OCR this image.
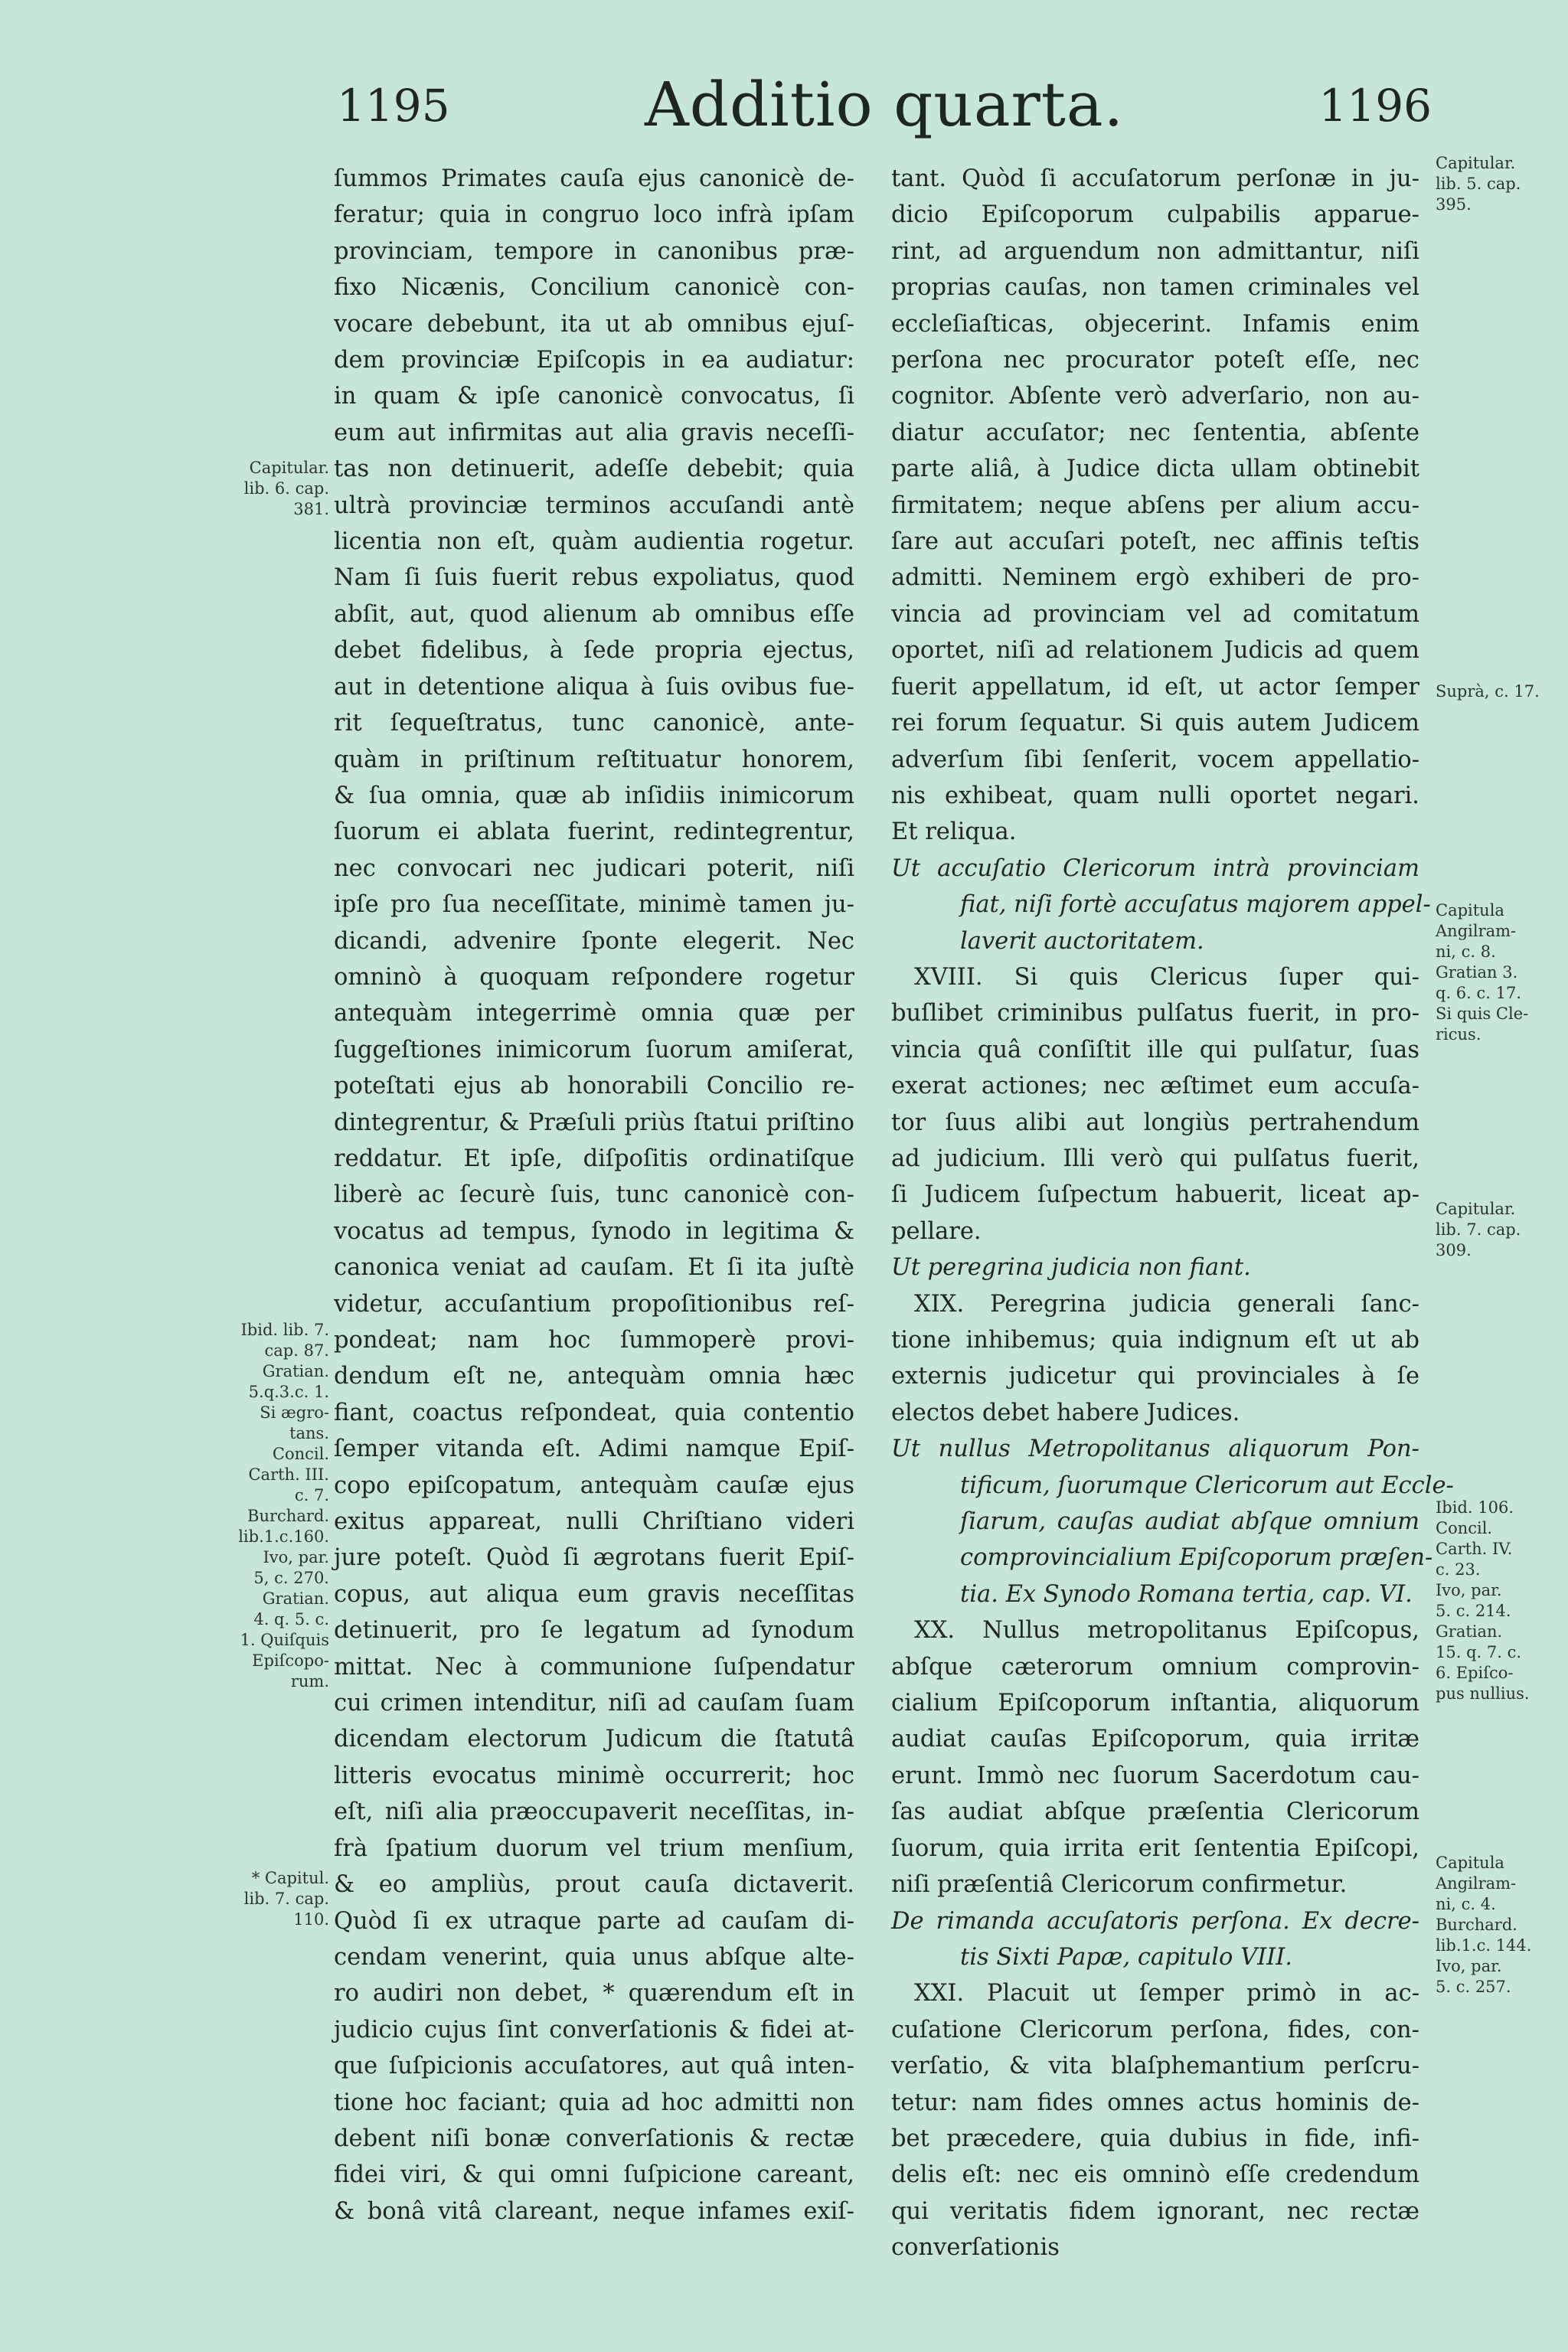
1195	Additio quarta.	1196

ſummos Primates cauſa ejus canonicè de-
feratur; quia in congruo loco infrà ipſam
provinciam, tempore in canonibus præ-
fixo Nicænis, Concilium canonicè con-
vocare debebunt, ita ut ab omnibus ejuſ-
dem provinciæ Epiſcopis in ea audiatur:
in quam & ipſe canonicè convocatus, ſi
eum aut infirmitas aut alia gravis neceſſi-
tas non detinuerit, adeſſe debebit; quia
ultrà provinciæ terminos accuſandi antè
licentia non eſt, quàm audientia rogetur.
Nam ſi ſuis fuerit rebus expoliatus, quod
abſit, aut, quod alienum ab omnibus eſſe
debet fidelibus, à ſede propria ejectus,
aut in detentione aliqua à ſuis ovibus fue-
rit ſequeſtratus, tunc canonicè, ante-
quàm in priſtinum reſtituatur honorem,
& ſua omnia, quæ ab inſidiis inimicorum
ſuorum ei ablata fuerint, redintegrentur,
nec convocari nec judicari poterit, niſi
ipſe pro ſua neceſſitate, minimè tamen ju-
dicandi, advenire ſponte elegerit. Nec
omninò à quoquam reſpondere rogetur
antequàm integerrimè omnia quæ per
ſuggeſtiones inimicorum ſuorum amiſerat,
poteſtati ejus ab honorabili Concilio re-
dintegrentur, & Præſuli priùs ſtatui priſtino
reddatur. Et ipſe, diſpoſitis ordinatiſque
liberè ac ſecurè ſuis, tunc canonicè con-
vocatus ad tempus, ſynodo in legitima &
canonica veniat ad cauſam. Et ſi ita juſtè
videtur, accuſantium propoſitionibus reſ-
pondeat; nam hoc ſummoperè provi-
dendum eſt ne, antequàm omnia hæc
fiant, coactus reſpondeat, quia contentio
ſemper vitanda eſt. Adimi namque Epiſ-
copo epiſcopatum, antequàm cauſæ ejus
exitus appareat, nulli Chriſtiano videri
jure poteſt. Quòd ſi ægrotans fuerit Epiſ-
copus, aut aliqua eum gravis neceſſitas
detinuerit, pro ſe legatum ad ſynodum
mittat. Nec à communione ſuſpendatur
cui crimen intenditur, niſi ad cauſam ſuam
dicendam electorum Judicum die ſtatutâ
litteris evocatus minimè occurrerit; hoc
eſt, niſi alia præoccupaverit neceſſitas, in-
frà ſpatium duorum vel trium menſium,
& eo ampliùs, prout cauſa dictaverit.
Quòd ſi ex utraque parte ad cauſam di-
cendam venerint, quia unus abſque alte-
ro audiri non debet, * quærendum eſt in
judicio cujus ſint converſationis & fidei at-
que ſuſpicionis accuſatores, aut quâ inten-
tione hoc faciant; quia ad hoc admitti non
debent niſi bonæ converſationis & rectæ
fidei viri, & qui omni ſuſpicione careant,
& bonâ vitâ clareant, neque infames exiſ-

tant. Quòd ſi accuſatorum perſonæ in ju-
dicio Epiſcoporum culpabilis apparue-
rint, ad arguendum non admittantur, niſi
proprias cauſas, non tamen criminales vel
eccleſiaſticas, objecerint. Infamis enim
perſona nec procurator poteſt eſſe, nec
cognitor. Abſente verò adverſario, non au-
diatur accuſator; nec ſententia, abſente
parte aliâ, à Judice dicta ullam obtinebit
firmitatem; neque abſens per alium accu-
ſare aut accuſari poteſt, nec affinis teſtis
admitti. Neminem ergò exhiberi de pro-
vincia ad provinciam vel ad comitatum
oportet, niſi ad relationem Judicis ad quem
fuerit appellatum, id eſt, ut actor ſemper
rei forum ſequatur. Si quis autem Judicem
adverſum ſibi ſenſerit, vocem appellatio-
nis exhibeat, quam nulli oportet negari.
Et reliqua.

Ut accuſatio Clericorum intrà provinciam
fiat, niſi fortè accuſatus majorem appel-
laverit auctoritatem.

XVIII. Si quis Clericus ſuper qui-
buſlibet criminibus pulſatus fuerit, in pro-
vincia quâ conſiſtit ille qui pulſatur, ſuas
exerat actiones; nec æſtimet eum accuſa-
tor ſuus alibi aut longiùs pertrahendum
ad judicium. Illi verò qui pulſatus fuerit,
ſi Judicem ſuſpectum habuerit, liceat ap-
pellare.

Ut peregrina judicia non fiant.

XIX. Peregrina judicia generali ſanc-
tione inhibemus; quia indignum eſt ut ab
externis judicetur qui provinciales à ſe
electos debet habere Judices.

Ut nullus Metropolitanus aliquorum Pon-
tificum, ſuorumque Clericorum aut Eccle-
ſiarum, cauſas audiat abſque omnium
comprovincialium Epiſcoporum præſen-
tia. Ex Synodo Romana tertia, cap. VI.

XX. Nullus metropolitanus Epiſcopus,
abſque cæterorum omnium comprovin-
cialium Epiſcoporum inſtantia, aliquorum
audiat cauſas Epiſcoporum, quia irritæ
erunt. Immò nec ſuorum Sacerdotum cau-
ſas audiat abſque præſentia Clericorum
ſuorum, quia irrita erit ſententia Epiſcopi,
niſi præſentiâ Clericorum confirmetur.

De rimanda accuſatoris perſona. Ex decre-
tis Sixti Papæ, capitulo VIII.

XXI. Placuit ut ſemper primò in ac-
cuſatione Clericorum perſona, fides, con-
verſatio, & vita blaſphemantium perſcru-
tetur: nam fides omnes actus hominis de-
bet præcedere, quia dubius in fide, infi-
delis eſt: nec eis omninò eſſe credendum
qui veritatis fidem ignorant, nec rectæ
converſationis

Capitular.
lib. 6. cap.
381.
Ibid. lib. 7.
cap. 87.
Gratian.
5.q.3.c. 1.
Si ægro-
tans.
Concil.
Carth. III.
c. 7.
Burchard.
lib.1.c.160.
Ivo, par.
5, c. 270.
Gratian.
4. q. 5. c.
1. Quiſquis
Epiſcopo-
rum.
* Capitul.
lib. 7. cap.
110.
Capitular.
lib. 5. cap.
395.
Suprà, c. 17.
Capitula
Angilram-
ni, c. 8.
Gratian 3.
q. 6. c. 17.
Si quis Cle-
ricus.
Capitular.
lib. 7. cap.
309.
Ibid. 106.
Concil.
Carth. IV.
c. 23.
Ivo, par.
5. c. 214.
Gratian.
15. q. 7. c.
6. Epiſco-
pus nullius.
Capitula
Angilram-
ni, c. 4.
Burchard.
lib.1.c. 144.
Ivo, par.
5. c. 257.
